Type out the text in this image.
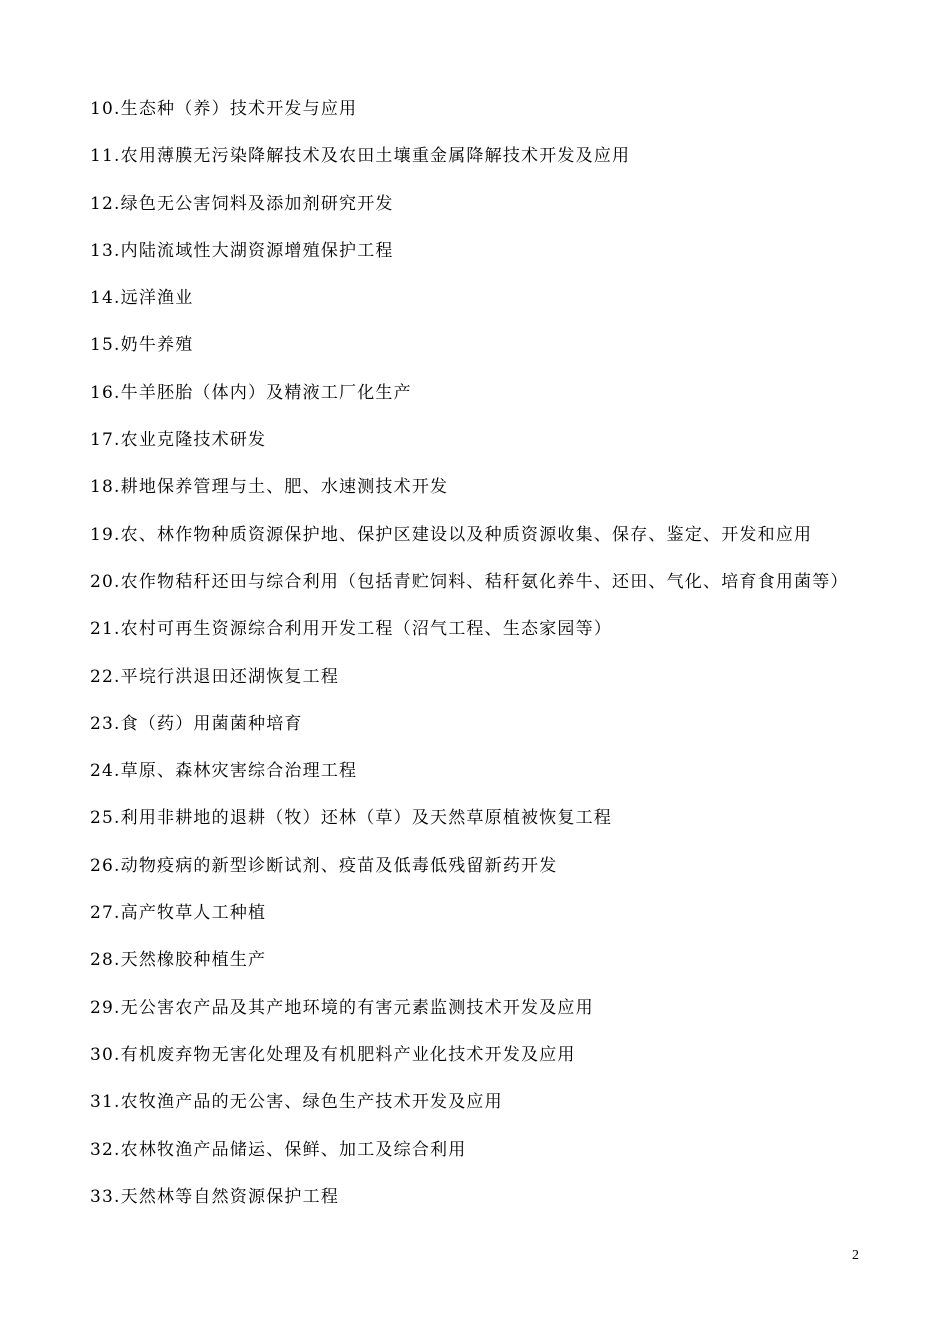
10.生态种（养）技术开发与应用
11.农用薄膜无污染降解技术及农田土壤重金属降解技术开发及应用
12.绿色无公害饲料及添加剂研究开发
13.内陆流域性大湖资源增殖保护工程
14.远洋渔业
15.奶牛养殖
16.牛羊胚胎（体内）及精液工厂化生产
17.农业克隆技术研发
18.耕地保养管理与土、肥、水速测技术开发
19.农、林作物种质资源保护地、保护区建设以及种质资源收集、保存、鉴定、开发和应用
20.农作物秸秆还田与综合利用（包括青贮饲料、秸秆氨化养牛、还田、气化、培育食用菌等）
21.农村可再生资源综合利用开发工程（沼气工程、生态家园等）
22.平垸行洪退田还湖恢复工程
23.食（药）用菌菌种培育
24.草原、森林灾害综合治理工程
25.利用非耕地的退耕（牧）还林（草）及天然草原植被恢复工程
26.动物疫病的新型诊断试剂、疫苗及低毒低残留新药开发
27.高产牧草人工种植
28.天然橡胶种植生产
29.无公害农产品及其产地环境的有害元素监测技术开发及应用
30.有机废弃物无害化处理及有机肥料产业化技术开发及应用
31.农牧渔产品的无公害、绿色生产技术开发及应用
32.农林牧渔产品储运、保鲜、加工及综合利用
33.天然林等自然资源保护工程
2
